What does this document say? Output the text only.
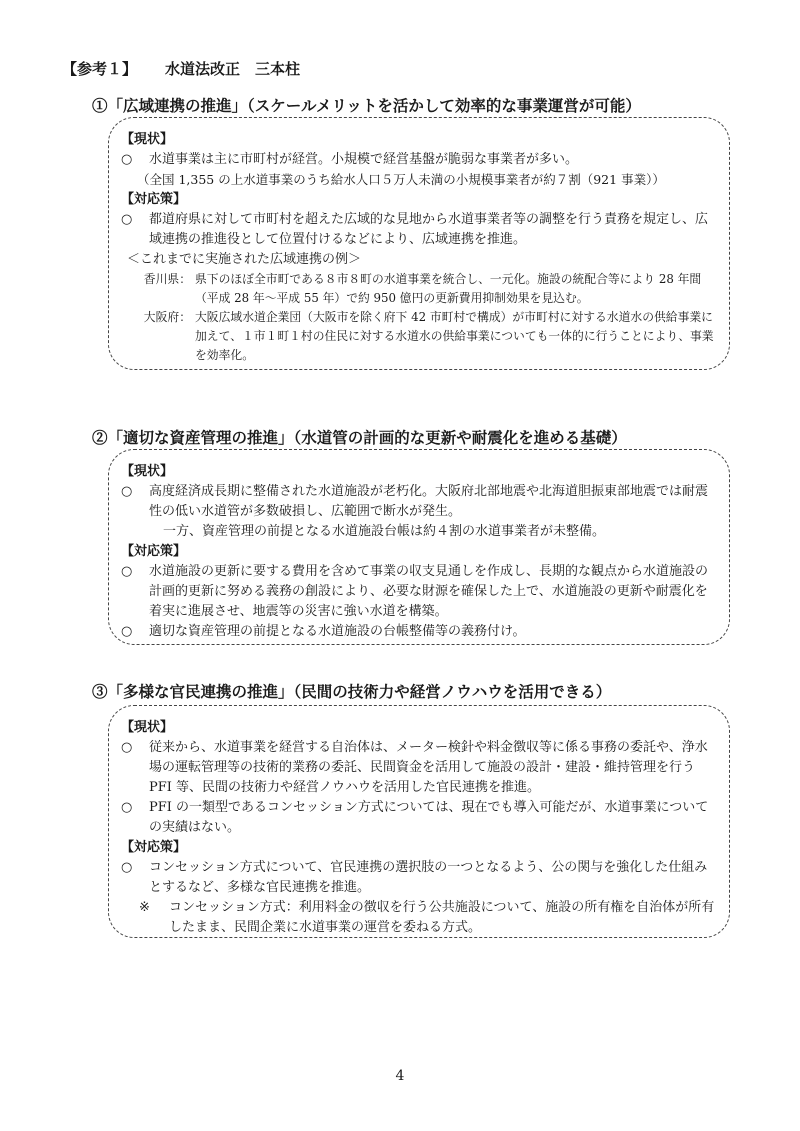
【参考１】 水道法改正　三本柱
①「広域連携の推進」（スケールメリットを活かして効率的な事業運営が可能）
【現状】
○ 水道事業は主に市町村が経営。小規模で経営基盤が脆弱な事業者が多い。
（全国 1,355 の上水道事業のうち給水人口５万人未満の小規模事業者が約７割（921 事業））
【対応策】
○ 都道府県に対して市町村を超えた広域的な見地から水道事業者等の調整を行う責務を規定し、広域連携の推進役として位置付けるなどにより、広域連携を推進。
＜これまでに実施された広域連携の例＞
香川県： 県下のほぼ全市町である８市８町の水道事業を統合し、一元化。施設の統配合等により 28 年間（平成 28 年～平成 55 年）で約 950 億円の更新費用抑制効果を見込む。
大阪府： 大阪広域水道企業団（大阪市を除く府下 42 市町村で構成）が市町村に対する水道水の供給事業に加えて、１市１町１村の住民に対する水道水の供給事業についても一体的に行うことにより、事業を効率化。
②「適切な資産管理の推進」（水道管の計画的な更新や耐震化を進める基礎）
【現状】
○ 高度経済成長期に整備された水道施設が老朽化。大阪府北部地震や北海道胆振東部地震では耐震性の低い水道管が多数破損し、広範囲で断水が発生。
一方、資産管理の前提となる水道施設台帳は約４割の水道事業者が未整備。
【対応策】
○ 水道施設の更新に要する費用を含めて事業の収支見通しを作成し、長期的な観点から水道施設の計画的更新に努める義務の創設により、必要な財源を確保した上で、水道施設の更新や耐震化を着実に進展させ、地震等の災害に強い水道を構築。
○ 適切な資産管理の前提となる水道施設の台帳整備等の義務付け。
③「多様な官民連携の推進」（民間の技術力や経営ノウハウを活用できる）
【現状】
○ 従来から、水道事業を経営する自治体は、メーター検針や料金徴収等に係る事務の委託や、浄水場の運転管理等の技術的業務の委託、民間資金を活用して施設の設計・建設・維持管理を行う PFI 等、民間の技術力や経営ノウハウを活用した官民連携を推進。
○ PFI の一類型であるコンセッション方式については、現在でも導入可能だが、水道事業についての実績はない。
【対応策】
○ コンセッション方式について、官民連携の選択肢の一つとなるよう、公の関与を強化した仕組みとするなど、多様な官民連携を推進。
※	コンセッション方式：利用料金の徴収を行う公共施設について、施設の所有権を自治体が所有したまま、民間企業に水道事業の運営を委ねる方式。
4
